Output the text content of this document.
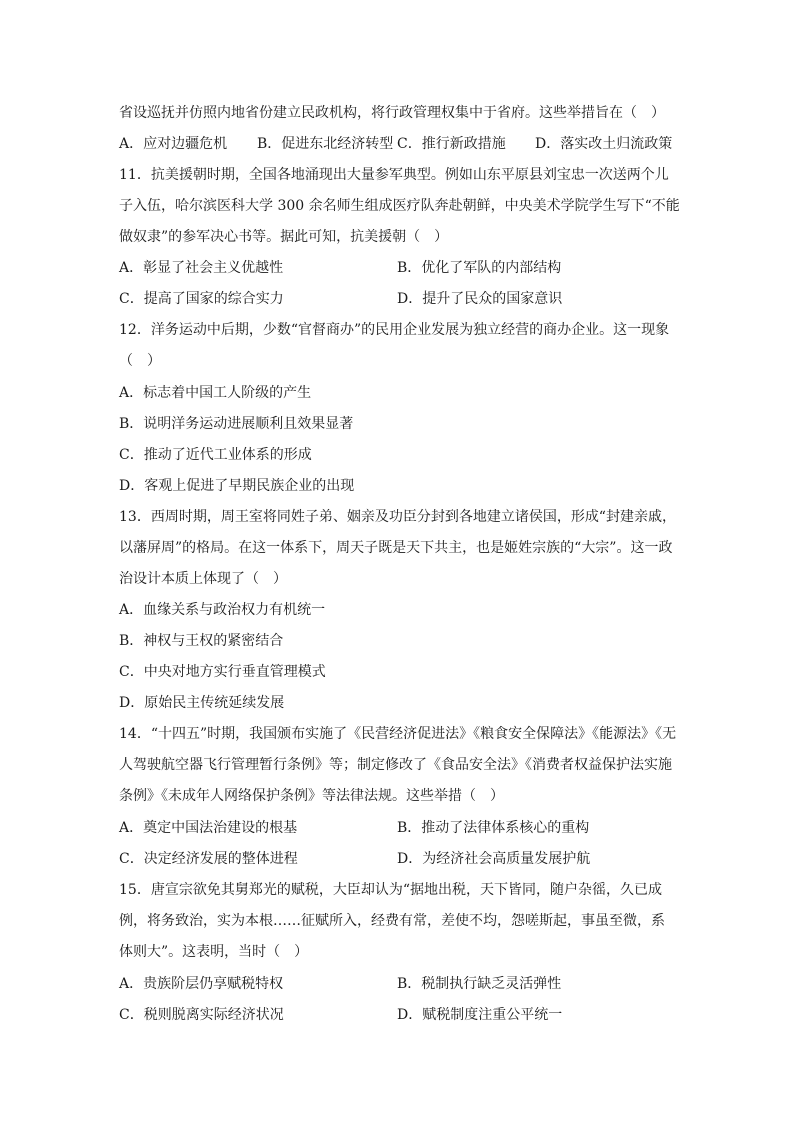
省设巡抚并仿照内地省份建立民政机构，将行政管理权集中于省府。这些举措旨在（　）
A．应对边疆危机 B．促进东北经济转型 C．推行新政措施 D．落实改土归流政策
11．抗美援朝时期，全国各地涌现出大量参军典型。例如山东平原县刘宝忠一次送两个儿
子入伍，哈尔滨医科大学 300 余名师生组成医疗队奔赴朝鲜，中央美术学院学生写下“不能
做奴隶”的参军决心书等。据此可知，抗美援朝（　）
A．彰显了社会主义优越性	B．优化了军队的内部结构
C．提高了国家的综合实力	D．提升了民众的国家意识
12．洋务运动中后期，少数“官督商办”的民用企业发展为独立经营的商办企业。这一现象
（　）
A．标志着中国工人阶级的产生
B．说明洋务运动进展顺利且效果显著
C．推动了近代工业体系的形成
D．客观上促进了早期民族企业的出现
13．西周时期，周王室将同姓子弟、姻亲及功臣分封到各地建立诸侯国，形成“封建亲戚，
以藩屏周”的格局。在这一体系下，周天子既是天下共主，也是姬姓宗族的“大宗”。这一政
治设计本质上体现了（　）
A．血缘关系与政治权力有机统一
B．神权与王权的紧密结合
C．中央对地方实行垂直管理模式
D．原始民主传统延续发展
14．“十四五”时期，我国颁布实施了《民营经济促进法》《粮食安全保障法》《能源法》《无
人驾驶航空器飞行管理暂行条例》等；制定修改了《食品安全法》《消费者权益保护法实施
条例》《未成年人网络保护条例》等法律法规。这些举措（　）
A．奠定中国法治建设的根基	B．推动了法律体系核心的重构
C．决定经济发展的整体进程	D．为经济社会高质量发展护航
15．唐宣宗欲免其舅郑光的赋税，大臣却认为“据地出税，天下皆同，随户杂徭，久已成
例，将务致治，实为本根……征赋所入，经费有常，差使不均，怨嗟斯起，事虽至微，系
体则大”。这表明，当时（　）
A．贵族阶层仍享赋税特权	B．税制执行缺乏灵活弹性
C．税则脱离实际经济状况	D．赋税制度注重公平统一
